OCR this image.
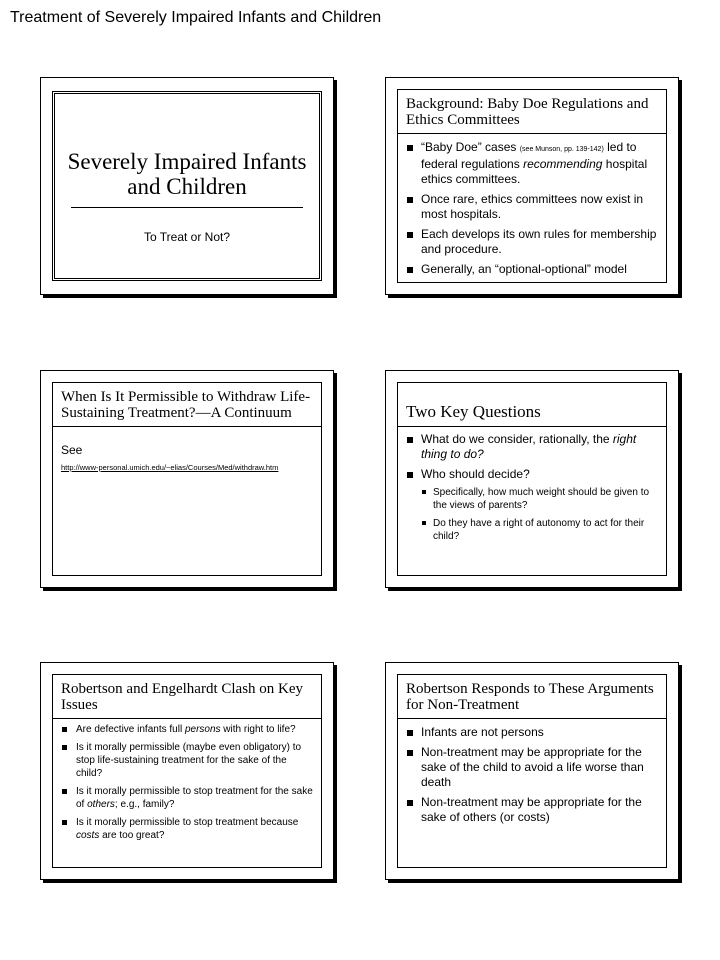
Treatment of Severely Impaired Infants and Children
Severely Impaired Infants and Children
To Treat or Not?
Background: Baby Doe Regulations and Ethics Committees
“Baby Doe” cases (see Munson, pp. 139-142) led to federal regulations recommending hospital ethics committees.
Once rare, ethics committees now exist in most hospitals.
Each develops its own rules for membership and procedure.
Generally, an “optional-optional” model
When Is It Permissible to Withdraw Life-Sustaining Treatment?—A Continuum
See
http://www-personal.umich.edu/~elias/Courses/Med/withdraw.htm
Two Key Questions
What do we consider, rationally, the right thing to do?
Who should decide?
Specifically, how much weight should be given to the views of parents?
Do they have a right of autonomy to act for their child?
Robertson and Engelhardt Clash on Key Issues
Are defective infants full persons with right to life?
Is it morally permissible (maybe even obligatory) to stop life-sustaining treatment for the sake of the child?
Is it morally permissible to stop treatment for the sake of others; e.g., family?
Is it morally permissible to stop treatment because costs are too great?
Robertson Responds to These Arguments for Non-Treatment
Infants are not persons
Non-treatment may be appropriate for the sake of the child to avoid a life worse than death
Non-treatment may be appropriate for the sake of others (or costs)
